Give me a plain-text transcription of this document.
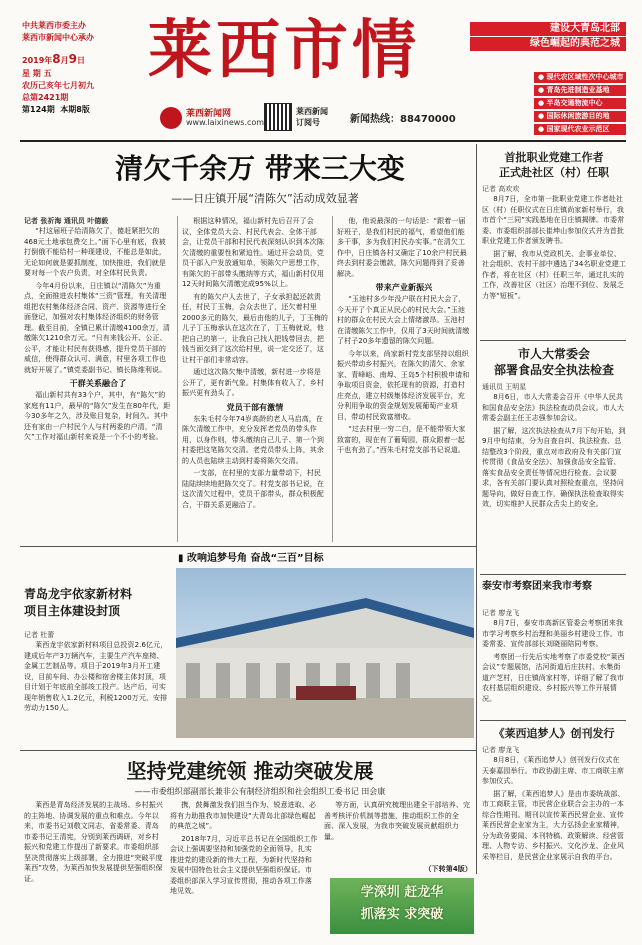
中共莱西市委主办
莱西市新闻中心承办
2019年8月9日
星 期 五
农历己亥年七月初九
总第2421期
第124期 本期8版
莱西市情
莱西新闻网
www.laixinews.com
莱西新闻
订阅号	新闻热线：88470000
建设大青岛北部
绿色崛起的典范之城
● 现代农区域性次中心城市
● 青岛先进制造业基地
● 半岛交通物流中心
● 国际休闲旅游目的地
● 国家现代农业示范区
清欠千余万 带来三大变
——日庄镇开展“清陈欠”活动成效显著
记者 张祈海 通讯员 叶德毅

“村这届班子给清陈欠了，傻赶紧把欠的468元土地承包费交上。”面下心里有底，我被打倒俄不能给村一种现建设，不能总是如此，无论如何就是要抓制度，加快推进，我们就是要对每一个农户负责，对全体村民负责。

今年4月份以来，日庄镇以“清陈欠”为重点，全面推进农村集体“三资”管理，有关清理组把农村集体经济合同、资产、资源等进行全面登记，加强对农村集体经济组织的财务管理。截至目前，全镇已累计清缴4100余万，清缴陈欠1210余万元。“只有来钱公开、公正、公平，才能让村民有获得感，提升党员干部的威信，使得群众认可、满意，村里各项工作也就好开展了。”镇党委副书记、镇长陈维利说。

干群关系融合了

福山新村共有33个户，其中，有“陈欠”的家庭有11户，最早的“陈欠”发生在80年代，距今30多年之久，涉及账目复杂，时间久。其中还有家由一户村民个人与村两委的户清，“清欠”工作对福山新村来说是一个不小的考验。

根据这种情况，福山新村先后召开了会议，全体党员大会、村民代表会、全体干部会，让党员干部和村民代表深刻认识到本次陈欠清缴的重要性和紧迫性。通过开会动员，党员干部入户发放通知单，领陈欠户思想工作，有陈欠的干部带头缴纳等方式，福山新村仅用12天时间陈欠清缴完成95%以上。

有的陈欠户人去世了，子女承担起还款责任，村民丁玉梅，会众去世了，还欠着村里2000多元的陈欠，最后由他的儿子，丁玉梅的儿子丁玉梅承认在这次在了，丁玉梅就说，他把自己的第一，让我自己找人把钱带回去，把钱当面交到了这次给村里，说一定交还了，这让村干部们非常动容。

通过这次陈欠集中清缴，新村进一步将是公开了，更有新气象。村集体有收入了，乡村振兴更有劲头了。

党员干部有激情

东朱毛村今年74岁高龄的老人马启高，在陈欠清缴工作中，充分发挥老党员的带头作用，以身作则，带头缴纳自己儿子、第一个到村委把这笔陈欠交清。老党员带头上阵，其余的人员也陆续主动到村委将陈欠交清。

一支部，在村里的支部力量带动下，村民陆陆续续地把陈欠交了。村党支部书记说，在这次清欠过程中，党员干部带头，群众积极配合，干群关系更融洽了。

他，他说最深的一句话是：“跟着一届好班子，是我们村民的福气，希望他们能多干事，多为我们村民办实事。”在清欠工作中，日庄镇各村又确定了10余户村民最终去到村委会缴款，陈欠问题得到了妥善解决。

带来产业新振兴

“玉池村多少年没户联在村民大会了，今天开了个真正从民心的村民大会。”玉池村的群众在村民大会上情绪激昂。玉池村在清缴陈欠工作中，仅用了3天时间就清缴了村子20多年遗留的陈欠问题。

今年以来，尚家新村党支部坚持以组织振兴带动乡村振兴，在陈欠的清欠、余家家、青峰峪、南埠、王岛5个村积极申请和争取项目资金，依托现有的资源，打造村庄亮点，建立村级集体经济发展平台，充分利用争取的资金规划发展葡萄产业项目，带动村民致富增收。

“过去村里一穷二白，是不能带领大家致富的，现在有了葡萄园，群众跟着一起干也有劲了。”西朱毛村党支部书记说道。

首批职业党建工作者
正式赴社区（村）任职
记者 高欢欢

8月7日，全市第一批职业党建工作者赴社区（村）任职仪式在日庄镇尚家新村举行，我市首个“三同”实践基地在日庄镇揭牌。市委常委、市委组织部部长崔坤山参加仪式并为首批职业党建工作者颁发聘书。

据了解，我市从党政机关、企事业单位、社会组织、农村干部中遴选了34名职业党建工作者，将在社区（村）任职三年，通过扎实的工作，改善社区（社区）治理不到位、发展乏力等“短板”。

市人大常委会
部署食品安全执法检查
通讯员 王明星

8月6日，市人大常委会召开《中华人民共和国食品安全法》执法检查动员会议。市人大常委会副主任王志强参加会议。

据了解，这次执法检查从7月下旬开始，到9月中旬结束，分为自查自纠、执法检查、总结整改3个阶段，重点对市政府及有关部门宣传贯彻《食品安全法》、加强食品安全监管、落实食品安全责任等情况进行检查。会议要求，各有关部门要认真对照检查重点，坚持问题导向，做好自查工作，确保执法检查取得实效，切实维护人民群众舌尖上的安全。

泰安市考察团来我市考察
记者 廖龙飞

8月7日，泰安市高新区管委会考察团来我市学习考察乡村治理和美丽乡村建设工作。市委常委、宣传部部长刘晓丽陪同考察。

考察团一行先后实地考察了市委党校“莱西会议”专题展馆，沽河街道后庄扶村、水集街道产芝村，日庄镇尚家村等，详细了解了我市农村基层组织建设、乡村振兴等工作开展情况。

《莱西追梦人》创刊发行
记者 廖龙飞

8月8日，《莱西追梦人》创刊发行仪式在天泰嘉园举行。市政协副主席、市工商联主席参加仪式。

据了解，《莱西追梦人》是由市委统战部、市工商联主管，市民营企业联合会主办的一本综合性期刊。期刊以宣传莱西民营企业、宣传莱西民营企业家为主，大力弘扬企业家精神，分为政务要闻、本刊特稿、政策解读、经营管理、人物专访、乡村振兴、文化沙龙、企业风采等栏目，是民营企业家展示自我的平台。

▮ 改响追梦号角 奋战“三百”目标
青岛龙宇依家新材料
项目主体建设封顶
记者 杜蕾

莱西龙宇依家新材料项目总投资2.6亿元，建成后年产3万辆汽车，主要生产汽车座椅、金属工艺制品等。项目于2019年3月开工建设，目前车间、办公楼和宿舍楼主体封顶，项目计划于年底前全部竣工投产。达产后，可实现年销售收入1.2亿元，利税1200万元，安排劳动力150人。

坚持党建统领 推动突破发展
——市委组织部副部长兼非公有制经济组织和社会组织工委书记 田会康

莱西是青岛经济发展的主战场、乡村振兴的主阵地、协调发展的重点和难点。今年以来，市委书记刘敬文同志，省委常委、青岛市委书记王清宪，分别到莱西调研，对乡村振兴和党建工作提出了新要求。市委组织部坚决贯彻落实上级部署，全力推进“突破平度莱西”攻势，为莱西加快发展提供坚强组织保证。

携，鼓舞激发我们担当作为、锐意进取、必将有力助推我市加快建设“大青岛北部绿色崛起的典范之城”。

2018年7月，习近平总书记在全国组织工作会议上强调要坚持和加强党的全面领导，扎实推进党的建设新的伟大工程，为新时代坚持和发展中国特色社会主义提供坚强组织保证。市委组织部深入学习宣传贯彻，推动各项工作落地见效。

等方面，认真研究梳理出建全干部培养、完善考核评价机制等措施，推动组织工作的全面、深入发展，为我市突破发展贡献组织力量。

（下转第4版）
学深圳 赶龙华
抓落实 求突破
